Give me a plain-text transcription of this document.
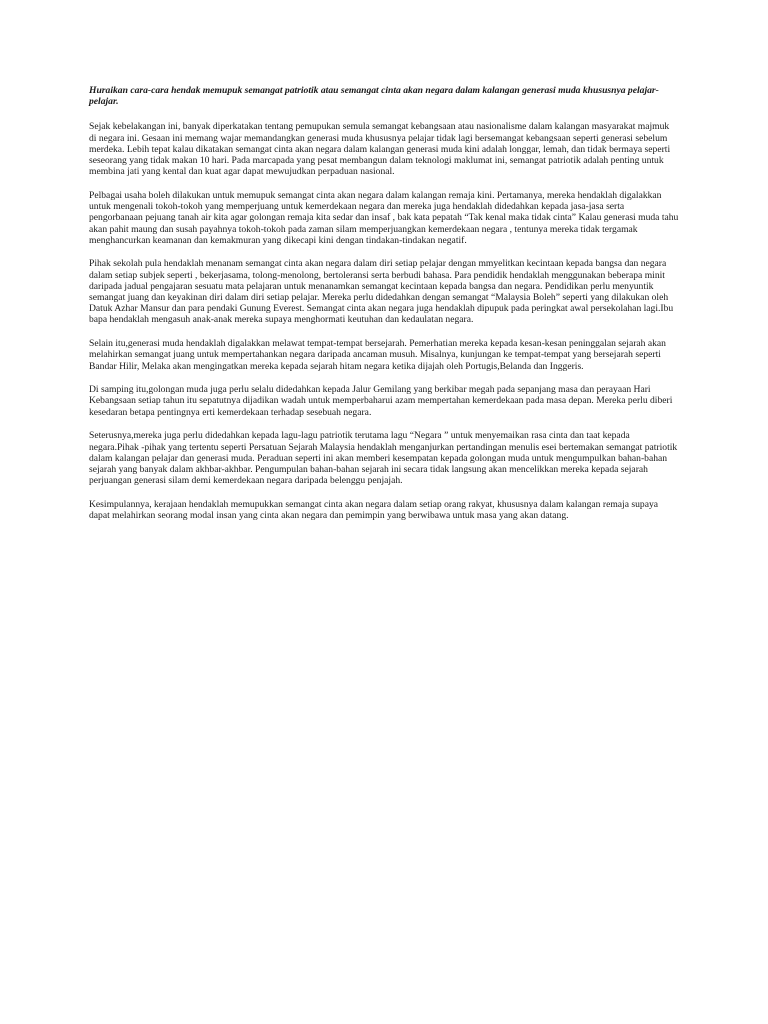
Huraikan cara-cara hendak memupuk semangat patriotik atau semangat cinta akan negara dalam kalangan generasi muda khususnya pelajar-pelajar.

Sejak kebelakangan ini, banyak diperkatakan tentang pemupukan semula semangat kebangsaan atau nasionalisme dalam kalangan masyarakat majmuk di negara ini. Gesaan ini memang wajar memandangkan generasi muda khususnya pelajar tidak lagi bersemangat kebangsaan seperti generasi sebelum merdeka. Lebih tepat kalau dikatakan semangat cinta akan negara dalam kalangan generasi muda kini adalah longgar, lemah, dan tidak bermaya seperti seseorang yang tidak makan 10 hari. Pada marcapada yang pesat membangun dalam teknologi maklumat ini, semangat patriotik adalah penting untuk membina jati yang kental dan kuat agar dapat mewujudkan perpaduan nasional.

Pelbagai usaha boleh dilakukan untuk memupuk semangat cinta akan negara dalam kalangan remaja kini. Pertamanya, mereka hendaklah digalakkan untuk mengenali tokoh-tokoh yang memperjuang untuk kemerdekaan negara dan mereka juga hendaklah didedahkan kepada jasa-jasa serta pengorbanaan pejuang tanah air kita agar golongan remaja kita sedar dan insaf , bak kata pepatah “Tak kenal maka tidak cinta” Kalau generasi muda tahu akan pahit maung dan susah payahnya tokoh-tokoh pada zaman silam memperjuangkan kemerdekaan negara , tentunya mereka tidak tergamak menghancurkan keamanan dan kemakmuran yang dikecapi kini dengan tindakan-tindakan negatif.

Pihak sekolah pula hendaklah menanam semangat cinta akan negara dalam diri setiap pelajar dengan mmyelitkan kecintaan kepada bangsa dan negara dalam setiap subjek seperti , bekerjasama, tolong-menolong, bertoleransi serta berbudi bahasa. Para pendidik hendaklah menggunakan beberapa minit daripada jadual pengajaran sesuatu mata pelajaran untuk menanamkan semangat kecintaan kepada bangsa dan negara. Pendidikan perlu menyuntik semangat juang dan keyakinan diri dalam diri setiap pelajar. Mereka perlu didedahkan dengan semangat “Malaysia Boleh” seperti yang dilakukan oleh Datuk Azhar Mansur dan para pendaki Gunung Everest. Semangat cinta akan negara juga hendaklah dipupuk pada peringkat awal persekolahan lagi.Ibu bapa hendaklah mengasuh anak-anak mereka supaya menghormati keutuhan dan kedaulatan negara.

Selain itu,generasi muda hendaklah digalakkan melawat tempat-tempat bersejarah. Pemerhatian mereka kepada kesan-kesan peninggalan sejarah akan melahirkan semangat juang untuk mempertahankan negara daripada ancaman musuh. Misalnya, kunjungan ke tempat-tempat yang bersejarah seperti Bandar Hilir, Melaka akan mengingatkan mereka kepada sejarah hitam negara ketika dijajah oleh Portugis,Belanda dan Inggeris.

Di samping itu,golongan muda juga perlu selalu didedahkan kepada Jalur Gemilang yang berkibar megah pada sepanjang masa dan perayaan Hari Kebangsaan setiap tahun itu sepatutnya dijadikan wadah untuk memperbaharui azam mempertahan kemerdekaan pada masa depan. Mereka perlu diberi kesedaran betapa pentingnya erti kemerdekaan terhadap sesebuah negara.

Seterusnya,mereka juga perlu didedahkan kepada lagu-lagu patriotik terutama lagu “Negara ” untuk menyemaikan rasa cinta dan taat kepada negara.Pihak -pihak yang tertentu seperti Persatuan Sejarah Malaysia hendaklah menganjurkan pertandingan menulis esei bertemakan semangat patriotik dalam kalangan pelajar dan generasi muda. Peraduan seperti ini akan memberi kesempatan kepada golongan muda untuk mengumpulkan bahan-bahan sejarah yang banyak dalam akhbar-akhbar. Pengumpulan bahan-bahan sejarah ini secara tidak langsung akan mencelikkan mereka kepada sejarah perjuangan generasi silam demi kemerdekaan negara daripada belenggu penjajah.

Kesimpulannya, kerajaan hendaklah memupukkan semangat cinta akan negara dalam setiap orang rakyat, khususnya dalam kalangan remaja supaya dapat melahirkan seorang modal insan yang cinta akan negara dan pemimpin yang berwibawa untuk masa yang akan datang.
